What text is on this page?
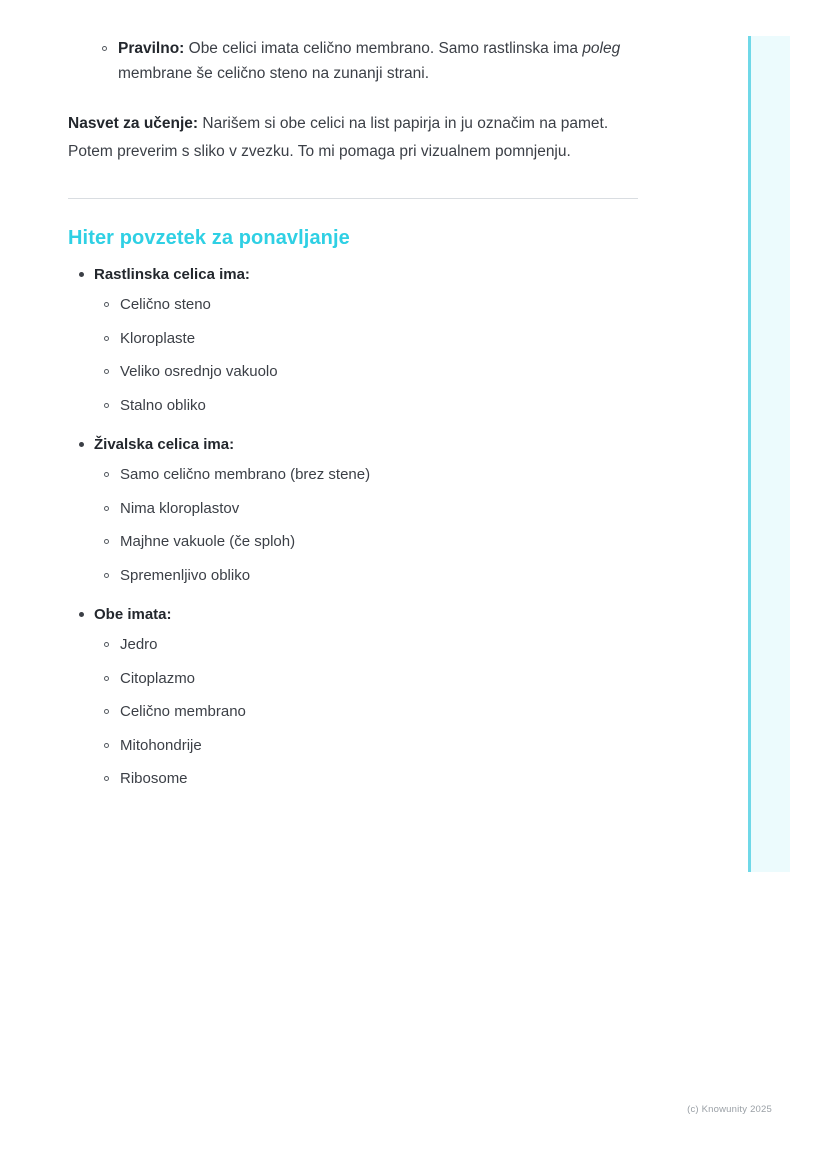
Pravilno: Obe celici imata celično membrano. Samo rastlinska ima poleg membrane še celično steno na zunanji strani.

Nasvet za učenje: Narišem si obe celici na list papirja in ju označim na pamet. Potem preverim s sliko v zvezku. To mi pomaga pri vizualnem pomnjenju.

Hiter povzetek za ponavljanje
Rastlinska celica ima:
Celično steno
Kloroplaste
Veliko osrednjo vakuolo
Stalno obliko
Živalska celica ima:
Samo celično membrano (brez stene)
Nima kloroplastov
Majhne vakuole (če sploh)
Spremenljivo obliko
Obe imata:
Jedro
Citoplazmo
Celično membrano
Mitohondrije
Ribosome
(c) Knowunity 2025
